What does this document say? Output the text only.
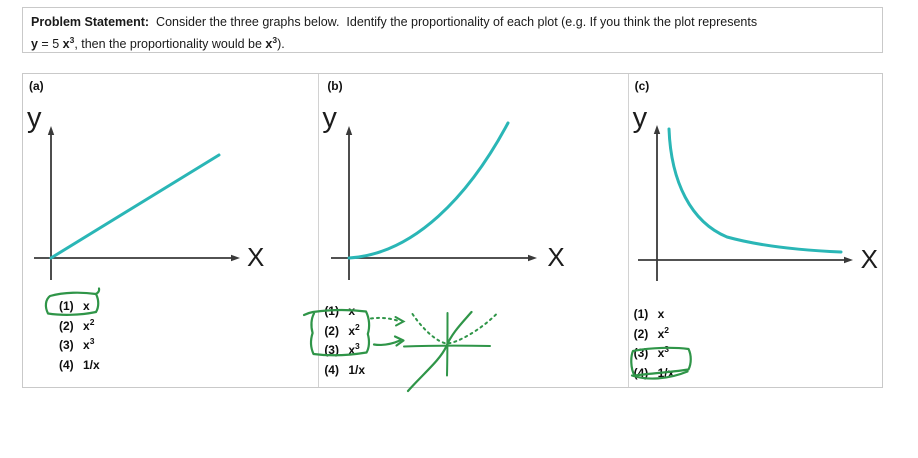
Problem Statement:  Consider the three graphs below.  Identify the proportionality of each plot (e.g. If you think the plot represents
y = 5 $x^3$, then the proportionality would be $x^3$).
(a)
y
X
(1) x
(2) $x^2$
(3) $x^3$
(4) 1/x
(b)
y
X
(1) x
(2) $x^2$
(3) $x^3$
(4) 1/x
(c)
y
X
(1) x
(2) $x^2$
(3) $x^3$
(4) 1/x
